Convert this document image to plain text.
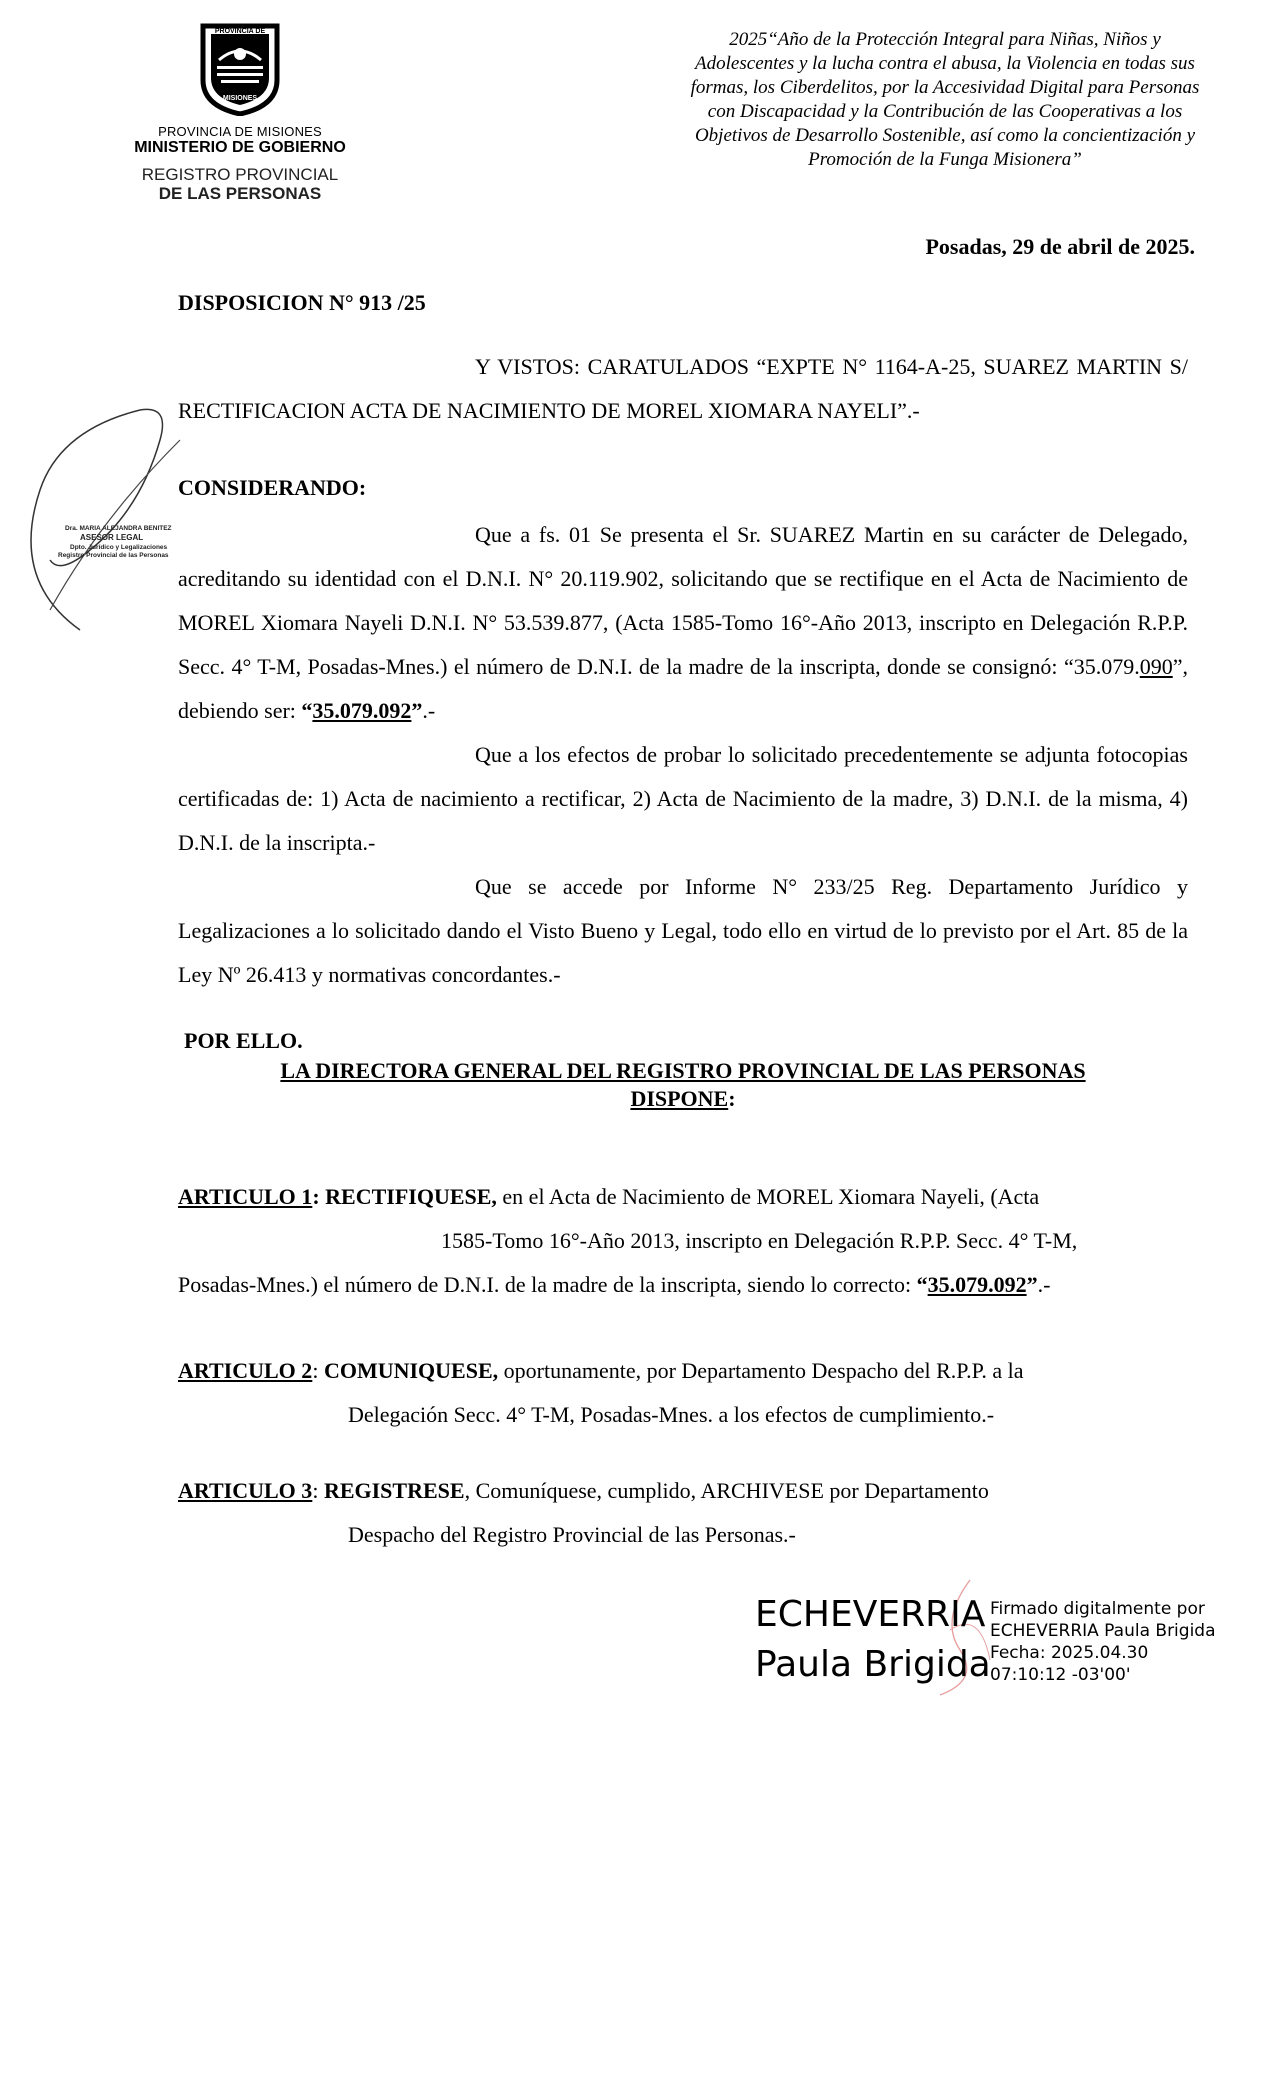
PROVINCIA DE
MISIONES
PROVINCIA DE MISIONES
MINISTERIO DE GOBIERNO
REGISTRO PROVINCIAL
DE LAS PERSONAS
2025“Año de la Protección Integral para Niñas, Niños y Adolescentes y la lucha contra el abusa, la Violencia en todas sus formas, los Ciberdelitos, por la Accesividad Digital para Personas con Discapacidad y la Contribución de las Cooperativas a los Objetivos de Desarrollo Sostenible, así como la concientización y Promoción de la Funga Misionera”
Posadas, 29 de abril de 2025.
DISPOSICION N° 913 /25
Y VISTOS: CARATULADOS “EXPTE N° 1164-A-25, SUAREZ MARTIN S/ RECTIFICACION ACTA DE NACIMIENTO DE MOREL XIOMARA NAYELI”.-
Dra. MARIA ALEJANDRA BENITEZ
ASESOR LEGAL
Dpto. Jurídico y Legalizaciones
Registro Provincial de las Personas
CONSIDERANDO:
Que a fs. 01 Se presenta el Sr. SUAREZ Martin en su carácter de Delegado, acreditando su identidad con el D.N.I. N° 20.119.902, solicitando que se rectifique en el Acta de Nacimiento de MOREL Xiomara Nayeli D.N.I. N° 53.539.877, (Acta 1585-Tomo 16°-Año 2013, inscripto en Delegación R.P.P. Secc. 4° T-M, Posadas-Mnes.) el número de D.N.I. de la madre de la inscripta, donde se consignó: “35.079.090”, debiendo ser: “35.079.092”.-
Que a los efectos de probar lo solicitado precedentemente se adjunta fotocopias certificadas de: 1) Acta de nacimiento a rectificar, 2) Acta de Nacimiento de la madre, 3) D.N.I. de la misma, 4) D.N.I. de la inscripta.-
Que se accede por Informe N° 233/25 Reg. Departamento Jurídico y Legalizaciones a lo solicitado dando el Visto Bueno y Legal, todo ello en virtud de lo previsto por el Art. 85 de la Ley Nº 26.413 y normativas concordantes.-
POR ELLO.
LA DIRECTORA GENERAL DEL REGISTRO PROVINCIAL DE LAS PERSONAS
DISPONE:
ARTICULO 1: RECTIFIQUESE, en el Acta de Nacimiento de MOREL Xiomara Nayeli, (Acta
1585-Tomo 16°-Año 2013, inscripto en Delegación R.P.P. Secc. 4° T-M,
Posadas-Mnes.) el número de D.N.I. de la madre de la inscripta, siendo lo correcto: “35.079.092”.-
ARTICULO 2: COMUNIQUESE, oportunamente, por Departamento Despacho del R.P.P. a la
Delegación Secc. 4° T-M, Posadas-Mnes. a los efectos de cumplimiento.-
ARTICULO 3: REGISTRESE, Comuníquese, cumplido, ARCHIVESE por Departamento
Despacho del Registro Provincial de las Personas.-
ECHEVERRIA
Paula Brigida
Firmado digitalmente por
ECHEVERRIA Paula Brigida
Fecha: 2025.04.30
07:10:12 -03'00'
